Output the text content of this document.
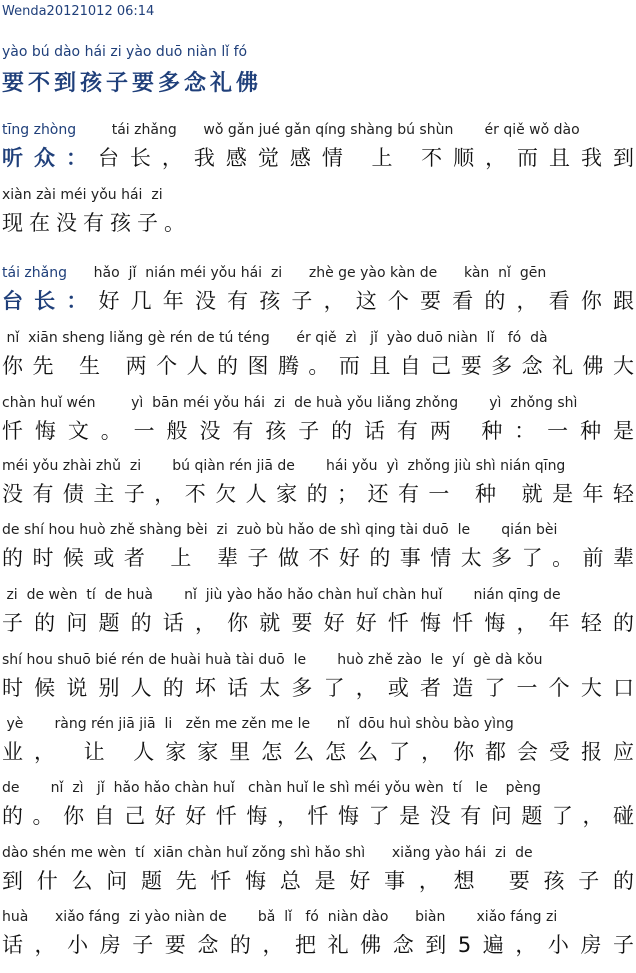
Wenda20121012 06:14
yào bú dào hái zi yào duō niàn lǐ fó
要不到孩子要多念礼佛
tīng zhòng        tái zhǎng      wǒ gǎn jué gǎn qíng shàng bú shùn       ér qiě wǒ dào
听众：台长，我感觉感情 上 不顺，而且我到
xiàn zài méi yǒu hái  zi
现在没有孩子。
tái zhǎng      hǎo  jǐ  nián méi yǒu hái  zi      zhè ge yào kàn de      kàn  nǐ  gēn
台长：好几年没有孩子，这个要看的，看你跟
nǐ  xiān sheng liǎng gè rén de tú téng      ér qiě  zì   jǐ  yào duō niàn  lǐ   fó  dà
你先 生 两个人的图腾。而且自己要多念礼佛大
chàn huǐ wén        yì  bān méi yǒu hái  zi  de huà yǒu liǎng zhǒng       yì  zhǒng shì
忏悔文。一般没有孩子的话有两 种：一种是
méi yǒu zhài zhǔ  zi       bú qiàn rén jiā de       hái yǒu  yì  zhǒng jiù shì nián qīng
没有债主子，不欠人家的；还有一 种 就是年轻
de shí hou huò zhě shàng bèi  zi  zuò bù hǎo de shì qing tài duō  le       qián bèi
的时候或者 上 辈子做不好的事情太多了。前辈
zi  de wèn  tí  de huà       nǐ  jiù yào hǎo hǎo chàn huǐ chàn huǐ       nián qīng de
子的问题的话，你就要好好忏悔忏悔，年轻的
shí hou shuō bié rén de huài huà tài duō  le       huò zhě zào  le  yí  gè dà kǒu
时候说别人的坏话太多了，或者造了一个大口
yè       ràng rén jiā jiā  li   zěn me zěn me le      nǐ  dōu huì shòu bào yìng
业， 让 人家家里怎么怎么了，你都会受报应
de       nǐ  zì   jǐ  hǎo hǎo chàn huǐ   chàn huǐ le shì méi yǒu wèn  tí   le    pèng
的。你自己好好忏悔，忏悔了是没有问题了，碰
dào shén me wèn  tí  xiān chàn huǐ zǒng shì hǎo shì      xiǎng yào hái  zi  de
到什么问题先忏悔总是好事，想 要孩子的
huà      xiǎo fáng  zi yào niàn de       bǎ  lǐ   fó  niàn dào      biàn       xiǎo fáng zi
话，小房子要念的，把礼佛念到5遍，小房子
